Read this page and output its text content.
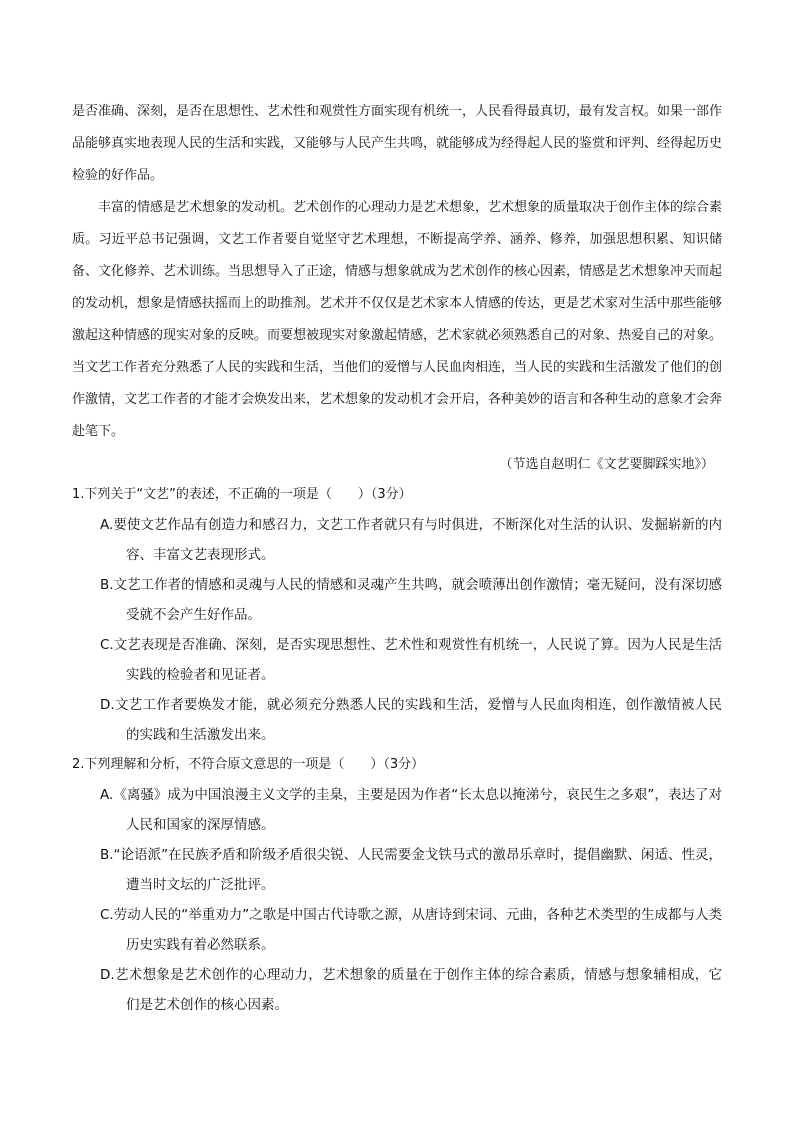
是否准确、深刻，是否在思想性、艺术性和观赏性方面实现有机统一，人民看得最真切，最有发言权。如果一部作品能够真实地表现人民的生活和实践，又能够与人民产生共鸣，就能够成为经得起人民的鉴赏和评判、经得起历史检验的好作品。

丰富的情感是艺术想象的发动机。艺术创作的心理动力是艺术想象，艺术想象的质量取决于创作主体的综合素质。习近平总书记强调，文艺工作者要自觉坚守艺术理想，不断提高学养、涵养、修养，加强思想积累、知识储备、文化修养、艺术训练。当思想导入了正途，情感与想象就成为艺术创作的核心因素，情感是艺术想象冲天而起的发动机，想象是情感扶摇而上的助推剂。艺术并不仅仅是艺术家本人情感的传达，更是艺术家对生活中那些能够激起这种情感的现实对象的反映。而要想被现实对象激起情感，艺术家就必须熟悉自己的对象、热爱自己的对象。当文艺工作者充分熟悉了人民的实践和生活，当他们的爱憎与人民血肉相连，当人民的实践和生活激发了他们的创作激情，文艺工作者的才能才会焕发出来，艺术想象的发动机才会开启，各种美妙的语言和各种生动的意象才会奔赴笔下。

（节选自赵明仁《文艺要脚踩实地》）

1.下列关于“文艺”的表述，不正确的一项是（　　）（3分）

A.要使文艺作品有创造力和感召力，文艺工作者就只有与时俱进，不断深化对生活的认识、发掘崭新的内容、丰富文艺表现形式。

B.文艺工作者的情感和灵魂与人民的情感和灵魂产生共鸣，就会喷薄出创作激情；毫无疑问，没有深切感受就不会产生好作品。

C.文艺表现是否准确、深刻，是否实现思想性、艺术性和观赏性有机统一，人民说了算。因为人民是生活实践的检验者和见证者。

D.文艺工作者要焕发才能，就必须充分熟悉人民的实践和生活，爱憎与人民血肉相连，创作激情被人民的实践和生活激发出来。

2.下列理解和分析，不符合原文意思的一项是（　　）（3分）

A.《离骚》成为中国浪漫主义文学的圭臬，主要是因为作者“长太息以掩涕兮，哀民生之多艰”，表达了对人民和国家的深厚情感。

B.“论语派”在民族矛盾和阶级矛盾很尖锐、人民需要金戈铁马式的激昂乐章时，提倡幽默、闲适、性灵，遭当时文坛的广泛批评。

C.劳动人民的“举重劝力”之歌是中国古代诗歌之源，从唐诗到宋词、元曲，各种艺术类型的生成都与人类历史实践有着必然联系。

D.艺术想象是艺术创作的心理动力，艺术想象的质量在于创作主体的综合素质，情感与想象辅相成，它们是艺术创作的核心因素。
